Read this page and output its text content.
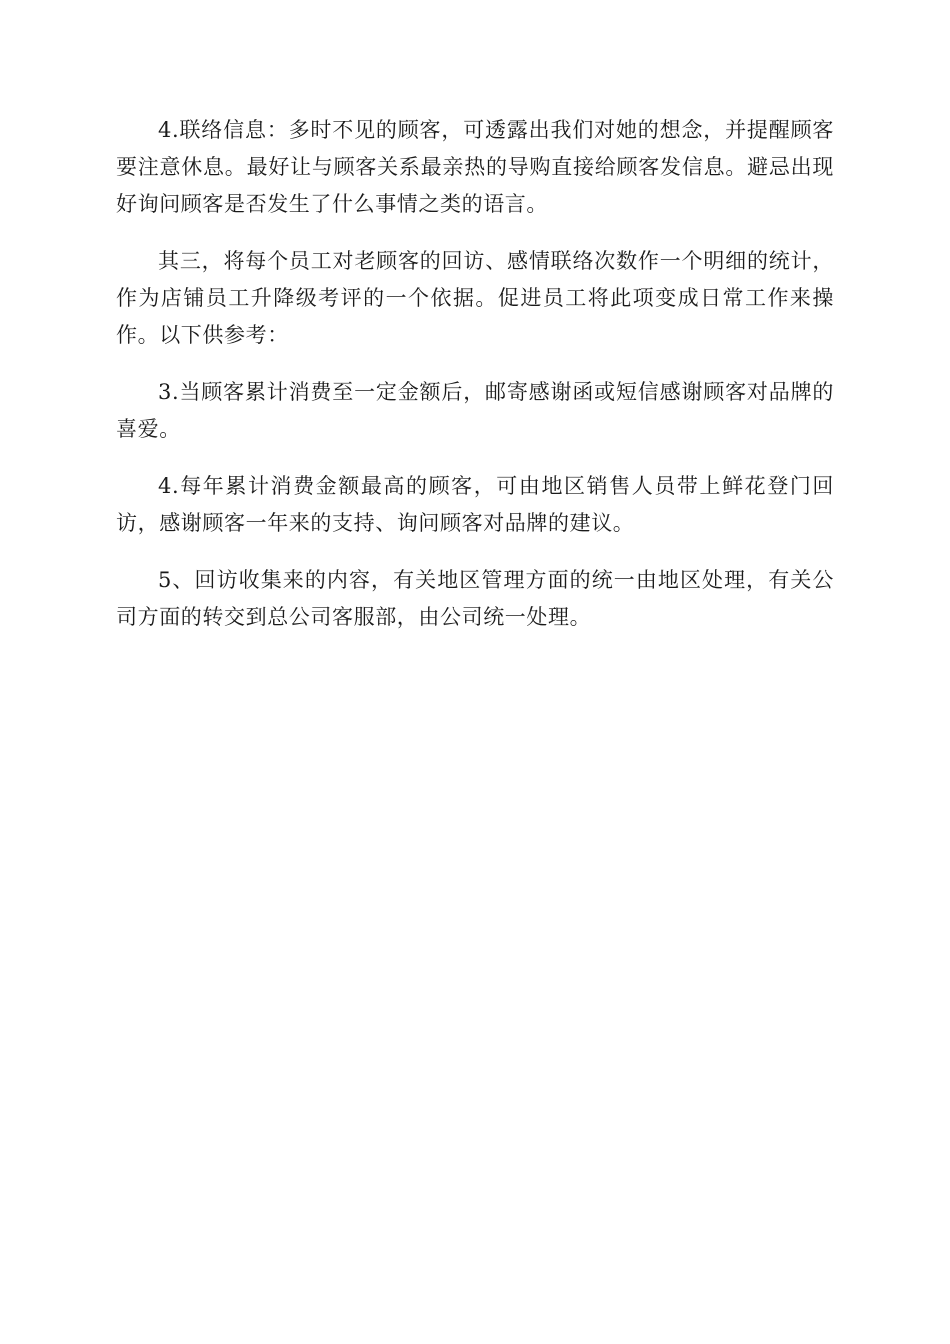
4.联络信息：多时不见的顾客，可透露出我们对她的想念，并提醒顾客要注意休息。最好让与顾客关系最亲热的导购直接给顾客发信息。避忌出现好询问顾客是否发生了什么事情之类的语言。

其三，将每个员工对老顾客的回访、感情联络次数作一个明细的统计，作为店铺员工升降级考评的一个依据。促进员工将此项变成日常工作来操作。以下供参考：

3.当顾客累计消费至一定金额后，邮寄感谢函或短信感谢顾客对品牌的喜爱。

4.每年累计消费金额最高的顾客，可由地区销售人员带上鲜花登门回访，感谢顾客一年来的支持、询问顾客对品牌的建议。

5、回访收集来的内容，有关地区管理方面的统一由地区处理，有关公司方面的转交到总公司客服部，由公司统一处理。
